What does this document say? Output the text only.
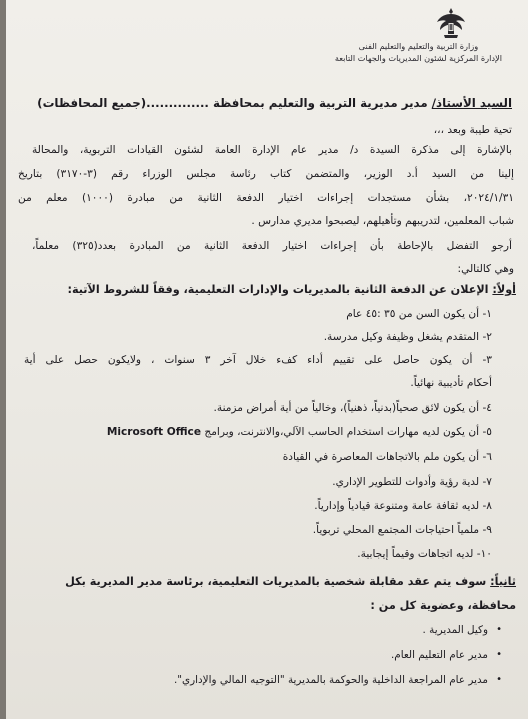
وزارة التربية والتعليم والتعليم الفنى
الإدارة المركزية لشئون المديريات والجهات التابعة
السيد الأستاذ/ مدير مديرية التربية والتعليم بمحافظة ..............(جميع المحافظات)
تحية طيبة وبعد ،،،
بالإشارة إلى مذكرة السيدة د/ مدير عام الإدارة العامة لشئون القيادات التربوية، والمحالة
إلينا من السيد أ.د الوزير، والمتضمن كتاب رئاسة مجلس الوزراء رقم (٣-٣١٧٠) بتاريخ
٢٠٢٤/١/٣١، بشأن مستجدات إجراءات اختيار الدفعة الثانية من مبادرة (١٠٠٠) معلم من
شباب المعلمين، لتدريبهم وتأهيلهم، ليصبحوا مديري مدارس .
أرجو التفضل بالإحاطة بأن إجراءات اختيار الدفعة الثانية من المبادرة بعدد(٣٢٥) معلماً،
وهي كالتالي:
أولاً: الإعلان عن الدفعة الثانية بالمديريات والإدارات التعليمية، وفقاً للشروط الآتية:
١- أن يكون السن من ٣٥ :٤٥ عام
٢- المتقدم يشغل وظيفة وكيل مدرسة.
٣- أن يكون حاصل على تقييم أداء كفء خلال آخر ٣ سنوات ، ولايكون حصل على أية
أحكام تأديبية نهائياً.
٤- أن يكون لائق صحياً(بدنياً، ذهنياً)، وخالياً من أية أمراض مزمنة.
٥- أن يكون لديه مهارات استخدام الحاسب الآلي،والانترنت، وبرامج Microsoft Office
٦- أن يكون ملم بالاتجاهات المعاصرة في القيادة
٧- لدية رؤية وأدوات للتطوير الإداري.
٨- لديه ثقافة عامة ومتنوعة قيادياً وإدارياً.
٩- ملمياً احتياجات المجتمع المحلي تربوياً.
١٠- لديه اتجاهات وقيماً إيجابية.
ثانياً: سوف يتم عقد مقابلة شخصية بالمديريات التعليمية، برئاسة مدير المديرية بكل
محافظة، وعضوية كل من :
• وكيل المديرية .
• مدير عام التعليم العام.
• مدير عام المراجعة الداخلية والحوكمة بالمديرية "التوجيه المالي والإداري".
